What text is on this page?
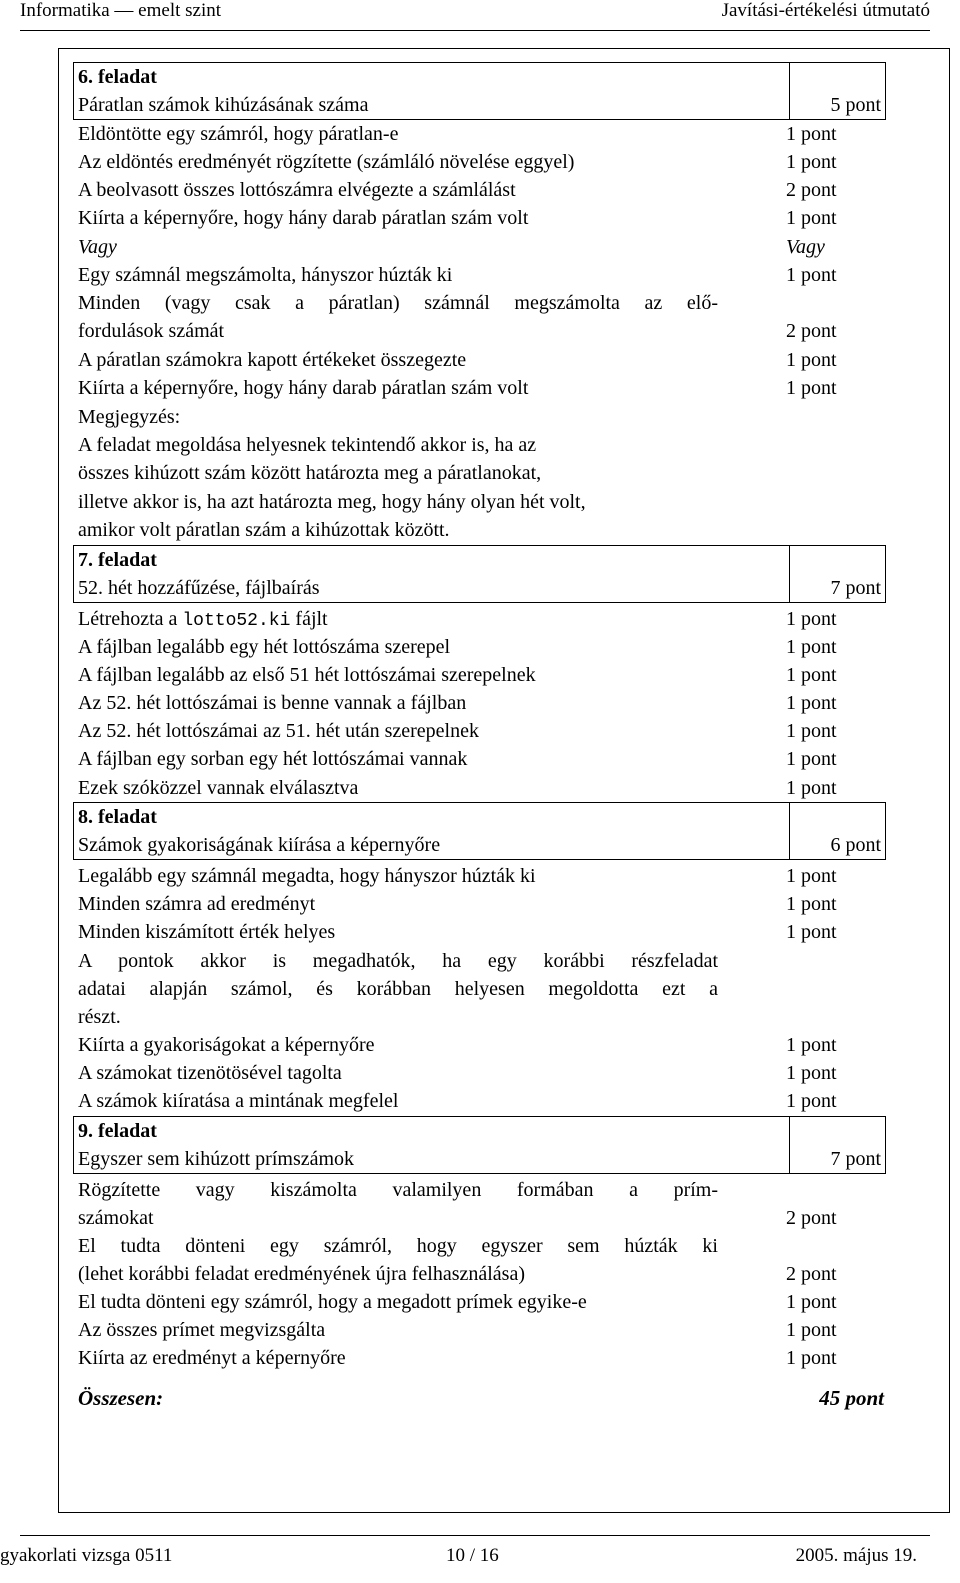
Informatika — emelt szint	Javítási-értékelési útmutató
6. feladat
Páratlan számok kihúzásának száma	5 pont
Eldöntötte egy számról, hogy páratlan-e	1 pont
Az eldöntés eredményét rögzítette (számláló növelése eggyel)	1 pont
A beolvasott összes lottószámra elvégezte a számlálást	2 pont
Kiírta a képernyőre, hogy hány darab páratlan szám volt	1 pont
Vagy	Vagy
Egy számnál megszámolta, hányszor húzták ki	1 pont
Minden (vagy csak a páratlan) számnál megszámolta az elő-
fordulások számát	2 pont
A páratlan számokra kapott értékeket összegezte	1 pont
Kiírta a képernyőre, hogy hány darab páratlan szám volt	1 pont
Megjegyzés:
A feladat megoldása helyesnek tekintendő akkor is, ha az
összes kihúzott szám között határozta meg a páratlanokat,
illetve akkor is, ha azt határozta meg, hogy hány olyan hét volt,
amikor volt páratlan szám a kihúzottak között.
7. feladat
52. hét hozzáfűzése, fájlbaírás	7 pont
Létrehozta a lotto52.ki fájlt	1 pont
A fájlban legalább egy hét lottószáma szerepel	1 pont
A fájlban legalább az első 51 hét lottószámai szerepelnek	1 pont
Az 52. hét lottószámai is benne vannak a fájlban	1 pont
Az 52. hét lottószámai az 51. hét után szerepelnek	1 pont
A fájlban egy sorban egy hét lottószámai vannak	1 pont
Ezek szóközzel vannak elválasztva	1 pont
8. feladat
Számok gyakoriságának kiírása a képernyőre	6 pont
Legalább egy számnál megadta, hogy hányszor húzták ki	1 pont
Minden számra ad eredményt	1 pont
Minden kiszámított érték helyes	1 pont
A pontok akkor is megadhatók, ha egy korábbi részfeladat
adatai alapján számol, és korábban helyesen megoldotta ezt a
részt.
Kiírta a gyakoriságokat a képernyőre	1 pont
A számokat tizenötösével tagolta	1 pont
A számok kiíratása a mintának megfelel	1 pont
9. feladat
Egyszer sem kihúzott prímszámok	7 pont
Rögzítette vagy kiszámolta valamilyen formában a prím-
számokat	2 pont
El tudta dönteni egy számról, hogy egyszer sem húzták ki
(lehet korábbi feladat eredményének újra felhasználása)	2 pont
El tudta dönteni egy számról, hogy a megadott prímek egyike-e	1 pont
Az összes prímet megvizsgálta	1 pont
Kiírta az eredményt a képernyőre	1 pont
Összesen:	45 pont
gyakorlati vizsga 0511	10 / 16	2005. május 19.
